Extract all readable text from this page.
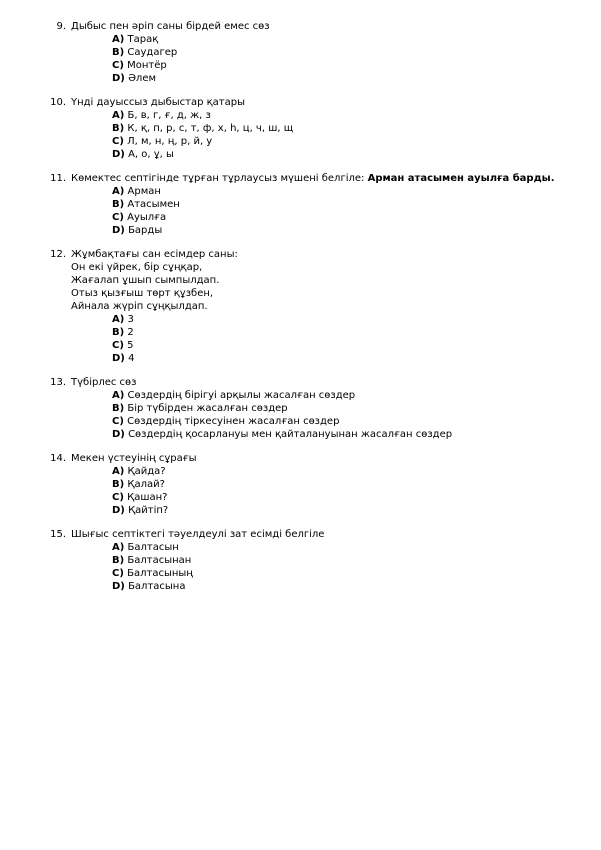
9. Дыбыс пен әріп саны бірдей емес сөз
A) Тарақ
B) Саудагер
C) Монтёр
D) Әлем
10. Үнді дауыссыз дыбыстар қатары
A) Б, в, г, ғ, д, ж, з
B) К, қ, п, р, с, т, ф, х, һ, ц, ч, ш, щ
C) Л, м, н, ң, р, й, у
D) А, о, ұ, ы
11. Көмектес септігінде тұрған тұрлаусыз мүшені белгіле: Арман атасымен ауылға барды.
A) Арман
B) Атасымен
C) Ауылға
D) Барды
12. Жұмбақтағы сан есімдер саны:
Он екі үйрек, бір сұңқар,
Жағалап ұшып сымпылдап.
Отыз қызғыш төрт құзбен,
Айнала жүріп сұңқылдап.
A) 3
B) 2
C) 5
D) 4
13. Түбірлес сөз
A) Сөздердің бірігуі арқылы жасалған сөздер
B) Бір түбірден жасалған сөздер
C) Сөздердің тіркесуінен жасалған сөздер
D) Сөздердің қосарлануы мен қайталануынан жасалған сөздер
14. Мекен үстеуінің сұрағы
A) Қайда?
B) Қалай?
C) Қашан?
D) Қайтіп?
15. Шығыс септіктегі тәуелдеулі зат есімді белгіле
A) Балтасын
B) Балтасынан
C) Балтасының
D) Балтасына
